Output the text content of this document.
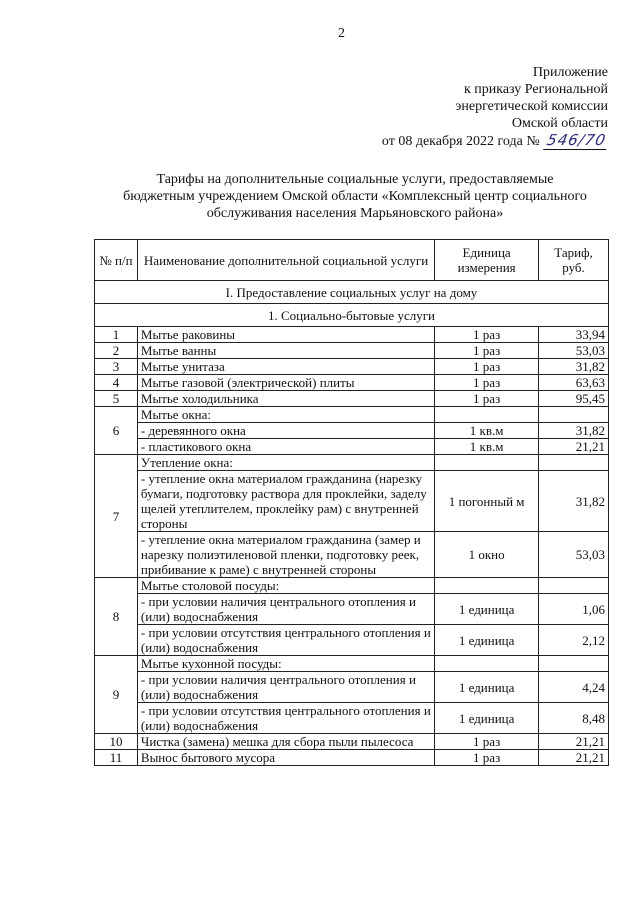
2
Приложение
к приказу Региональной
энергетической комиссии
Омской области
от 08 декабря 2022 года № 546/70
Тарифы на дополнительные социальные услуги, предоставляемые
бюджетным учреждением Омской области «Комплексный центр социального
обслуживания населения Марьяновского района»
№ п/п	Наименование дополнительной социальной услуги	Единица измерения	Тариф, руб.
I. Предоставление социальных услуг на дому			
1. Социально-бытовые услуги			
1	Мытье раковины	1 раз	33,94
2	Мытье ванны	1 раз	53,03
3	Мытье унитаза	1 раз	31,82
4	Мытье газовой (электрической) плиты	1 раз	63,63
5	Мытье холодильника	1 раз	95,45
6	Мытье окна:		
	- деревянного окна	1 кв.м	31,82
	- пластикового окна	1 кв.м	21,21
7	Утепление окна:		
	- утепление окна материалом гражданина (нарезку бумаги, подготовку раствора для проклейки, заделу щелей утеплителем, проклейку рам) с внутренней стороны	1 погонный м	31,82
	- утепление окна материалом гражданина (замер и нарезку полиэтиленовой пленки, подготовку реек, прибивание к раме) с внутренней стороны	1 окно	53,03
8	Мытье столовой посуды:		
	- при условии наличия центрального отопления и (или) водоснабжения	1 единица	1,06
	- при условии отсутствия центрального отопления и (или) водоснабжения	1 единица	2,12
9	Мытье кухонной посуды:		
	- при условии наличия центрального отопления и (или) водоснабжения	1 единица	4,24
	- при условии отсутствия центрального отопления и (или) водоснабжения	1 единица	8,48
10	Чистка (замена) мешка для сбора пыли пылесоса	1 раз	21,21
11	Вынос бытового мусора	1 раз	21,21
